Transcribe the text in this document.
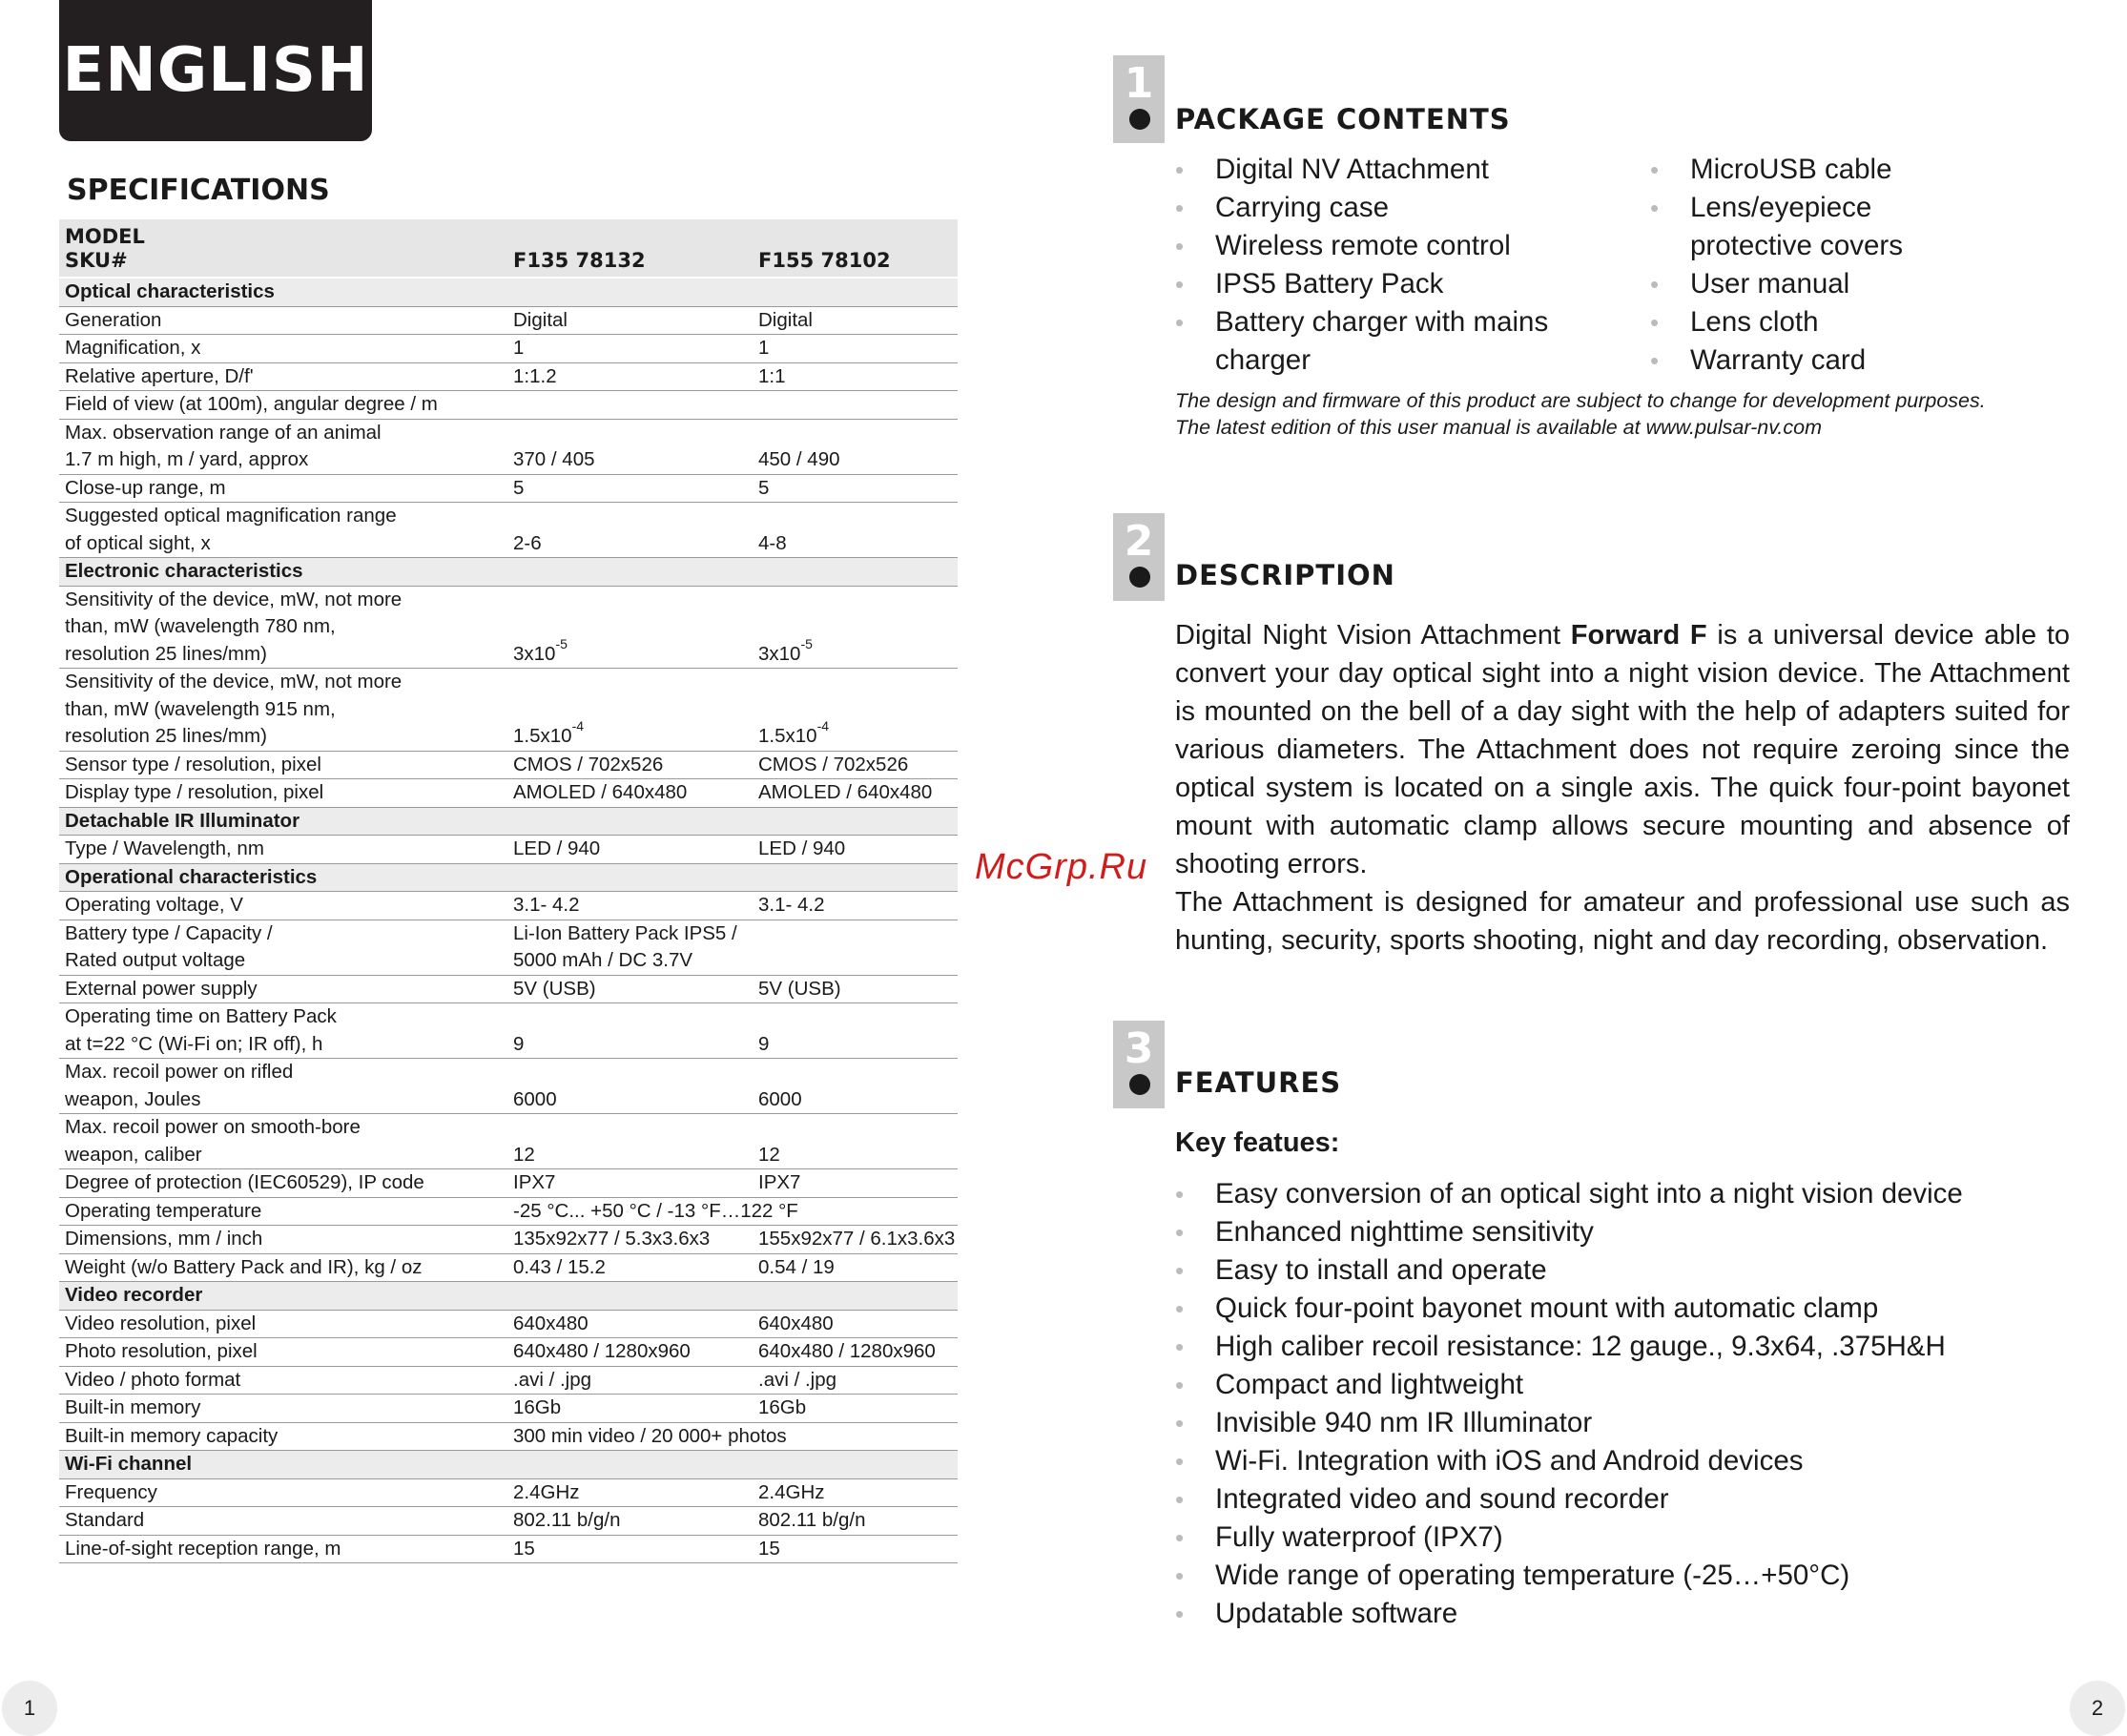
ENGLISH
SPECIFICATIONS
MODEL
SKU#	F135 78132	F155 78102
Optical characteristics		
Generation	Digital	Digital
Magnification, x	1	1
Relative aperture, D/f'	1:1.2	1:1
Field of view (at 100m), angular degree / m		
Max. observation range of an animal
1.7 m high, m / yard, approx	370 / 405	450 / 490
Close-up range, m	5	5
Suggested optical magnification range
of optical sight, x	2-6	4-8
Electronic characteristics		
Sensitivity of the device, mW, not more
than, mW (wavelength 780 nm,
resolution 25 lines/mm)	$3x10^{-5}$	$3x10^{-5}$
Sensitivity of the device, mW, not more
than, mW (wavelength 915 nm,
resolution 25 lines/mm)	$1.5x10^{-4}$	$1.5x10^{-4}$
Sensor type / resolution, pixel	CMOS / 702x526	CMOS / 702x526
Display type / resolution, pixel	AMOLED / 640x480	AMOLED / 640x480
Detachable IR Illuminator		
Type / Wavelength, nm	LED / 940	LED / 940
Operational characteristics		
Operating voltage, V	3.1- 4.2	3.1- 4.2
Battery type / Capacity /
Rated output voltage	Li-Ion Battery Pack IPS5 /
5000 mAh / DC 3.7V	
External power supply	5V (USB)	5V (USB)
Operating time on Battery Pack
at t=22 °C (Wi-Fi on; IR off), h	9	9
Max. recoil power on rifled
weapon, Joules	6000	6000
Max. recoil power on smooth-bore
weapon, caliber	12	12
Degree of protection (IEC60529), IP code	IPX7	IPX7
Operating temperature	-25 °C... +50 °C / -13 °F…122 °F	
Dimensions, mm / inch	135x92x77 / 5.3x3.6x3	155x92x77 / 6.1x3.6x3
Weight (w/o Battery Pack and IR), kg / oz	0.43 / 15.2	0.54 / 19
Video recorder		
Video resolution, pixel	640x480	640x480
Photo resolution, pixel	640x480 / 1280x960	640x480 / 1280x960
Video / photo format	.avi / .jpg	.avi / .jpg
Built-in memory	16Gb	16Gb
Built-in memory capacity	300 min video / 20 000+ photos	
Wi-Fi channel		
Frequency	2.4GHz	2.4GHz
Standard	802.11 b/g/n	802.11 b/g/n
Line-of-sight reception range, m	15	15
1
PACKAGE CONTENTS
• Digital NV Attachment
• Carrying case
• Wireless remote control
• IPS5 Battery Pack
• Battery charger with mains
charger
• MicroUSB cable
• Lens/eyepiece
protective covers
• User manual
• Lens cloth
• Warranty card
The design and firmware of this product are subject to change for development purposes.
The latest edition of this user manual is available at www.pulsar-nv.com
2
DESCRIPTION

Digital Night Vision Attachment Forward F is a universal device able to convert your day optical sight into a night vision device. The Attachment is mounted on the bell of a day sight with the help of adapters suited for various diameters. The Attachment does not require zeroing since the optical system is located on a single axis. The quick four-point bayonet mount with automatic clamp allows secure mounting and absence of shooting errors.

The Attachment is designed for amateur and professional use such as hunting, security, sports shooting, night and day recording, observation.

3
FEATURES
Key featues:
• Easy conversion of an optical sight into a night vision device
• Enhanced nighttime sensitivity
• Easy to install and operate
• Quick four-point bayonet mount with automatic clamp
• High caliber recoil resistance: 12 gauge., 9.3x64, .375H&H
• Compact and lightweight
• Invisible 940 nm IR Illuminator
• Wi-Fi. Integration with iOS and Android devices
• Integrated video and sound recorder
• Fully waterproof (IPX7)
• Wide range of operating temperature (-25…+50°C)
• Updatable software
McGrp.Ru
1	2
